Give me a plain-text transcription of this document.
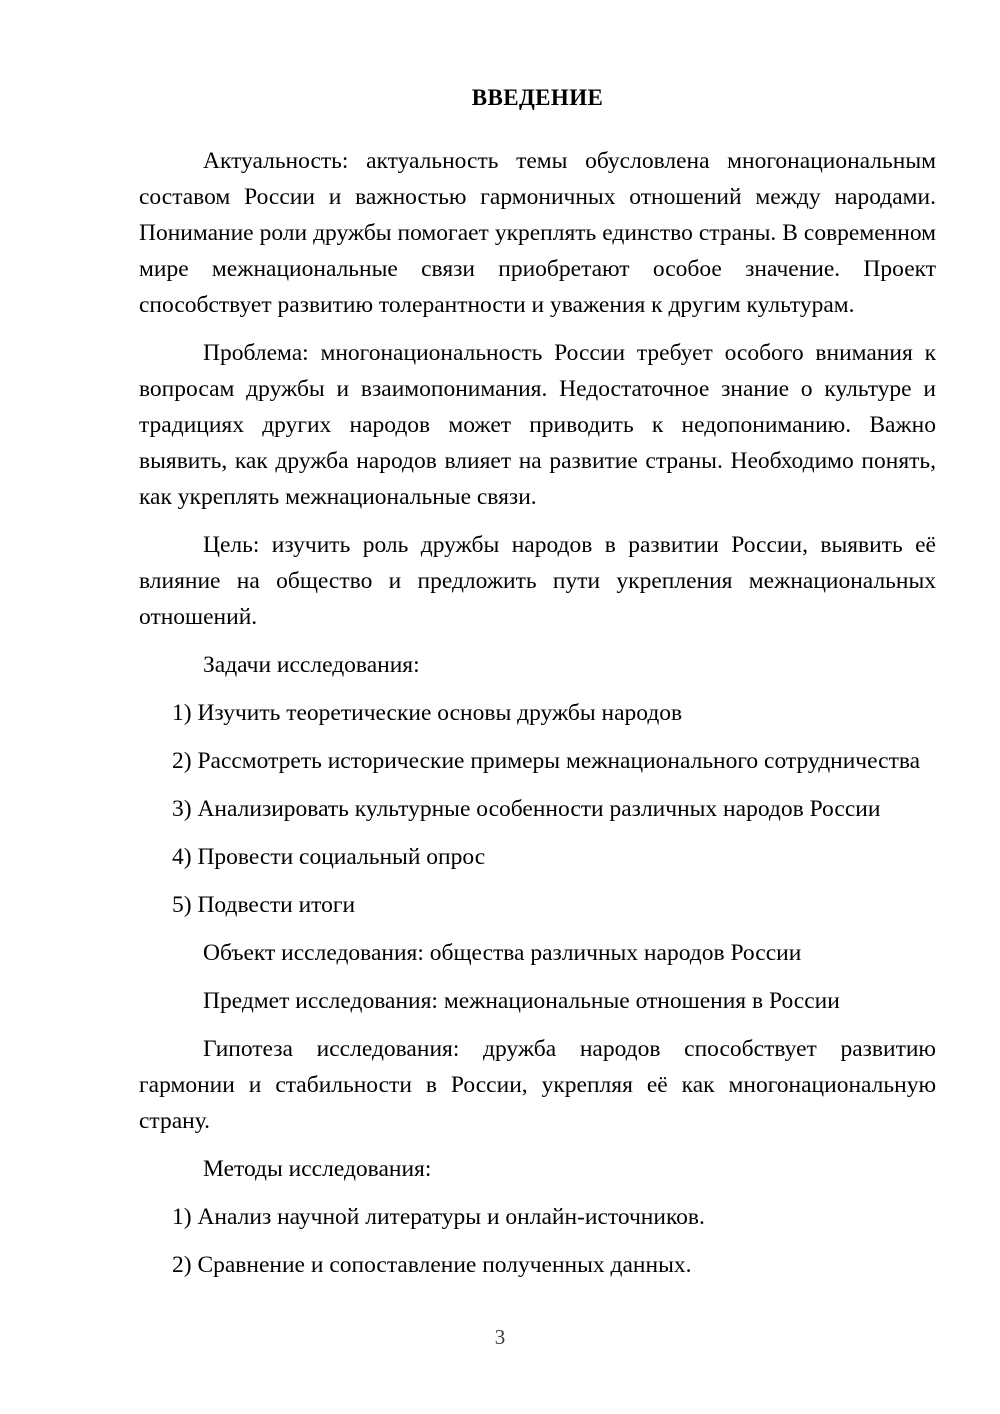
ВВЕДЕНИЕ

Актуальность: актуальность темы обусловлена многонациональным составом России и важностью гармоничных отношений между народами. Понимание роли дружбы помогает укреплять единство страны. В современном мире межнациональные связи приобретают особое значение. Проект способствует развитию толерантности и уважения к другим культурам.

Проблема: многонациональность России требует особого внимания к вопросам дружбы и взаимопонимания. Недостаточное знание о культуре и традициях других народов может приводить к недопониманию. Важно выявить, как дружба народов влияет на развитие страны. Необходимо понять, как укреплять межнациональные связи.

Цель: изучить роль дружбы народов в развитии России, выявить её влияние на общество и предложить пути укрепления межнациональных отношений.

Задачи исследования:

1) Изучить теоретические основы дружбы народов

2) Рассмотреть исторические примеры межнационального сотрудничества

3) Анализировать культурные особенности различных народов России

4) Провести социальный опрос

5) Подвести итоги

Объект исследования: общества различных народов России

Предмет исследования: межнациональные отношения в России

Гипотеза исследования: дружба народов способствует развитию гармонии и стабильности в России, укрепляя её как многонациональную страну.

Методы исследования:

1) Анализ научной литературы и онлайн-источников.

2) Сравнение и сопоставление полученных данных.

3
